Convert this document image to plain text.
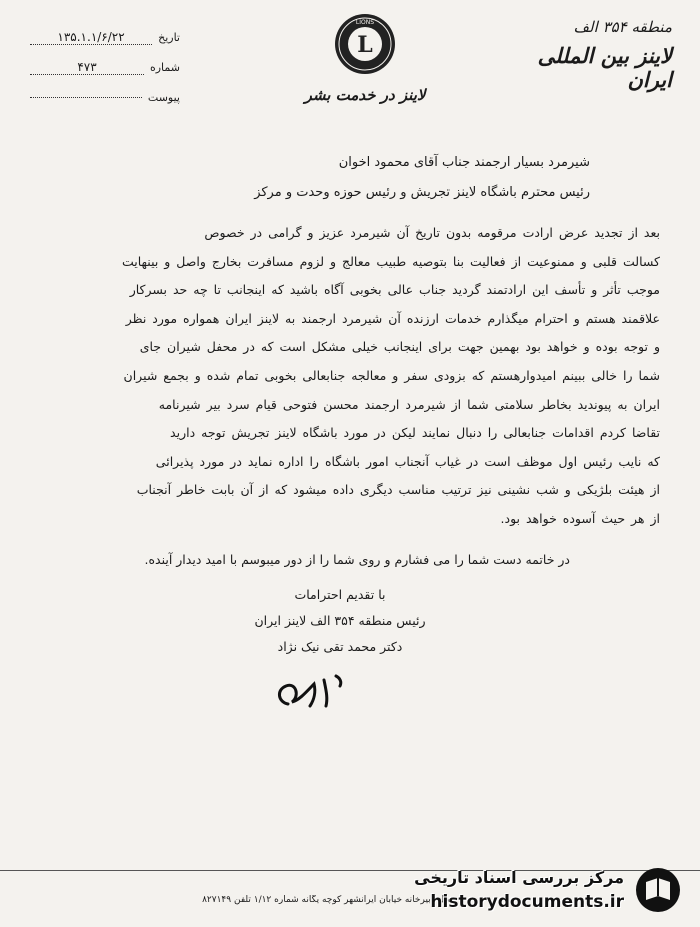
منطقه ۳۵۴ الف
لاینز بین المللی ایران
L
LIONS
لاینز در خدمت بشر
تاریخ
۱۳۵.۱.۱/۶/۲۲
شماره
۴۷۳
پیوست
شیرمرد بسیار ارجمند جناب آقای محمود اخوان
رئیس محترم باشگاه لاینز تجریش و رئیس حوزه وحدت و مرکز
بعد از تجدید عرض ارادت مرقومه بدون تاریخ آن شیرمرد عزیز و گرامی در خصوص
کسالت قلبی و ممنوعیت از فعالیت بنا بتوصیه طبیب معالج و لزوم مسافرت بخارج واصل و بینهایت
موجب تأثر و تأسف این ارادتمند گردید جناب عالی بخوبی آگاه باشید که اینجانب تا چه حد بسرکار
علاقمند هستم و احترام میگذارم خدمات ارزنده آن شیرمرد ارجمند به لاینز ایران همواره مورد نظر
و توجه بوده و خواهد بود بهمین جهت برای اینجانب خیلی مشکل است که در محفل شیران جای
شما را خالی ببینم امیدوارهستم که بزودی سفر و معالجه جنابعالی بخوبی تمام شده و بجمع شیران
ایران به پیوندید بخاطر سلامتی شما از شیرمرد ارجمند محسن فتوحی قیام سرد بیر شیرنامه
تقاضا کردم اقدامات جنابعالی را دنبال نمایند لیکن در مورد باشگاه لاینز تجریش توجه دارید
که نایب رئیس اول موظف است در غیاب آنجناب امور باشگاه را اداره نماید در مورد پذیرائی
از هیئت بلژیکی و شب نشینی نیز ترتیب مناسب دیگری داده میشود که از آن بابت خاطر آنجناب
از هر حیث آسوده خواهد بود.
در خاتمه دست شما را می فشارم و روی شما را از دور میبوسم با امید دیدار آینده.
با تقدیم احترامات
رئیس منطقه ۳۵۴ الف لاینز ایران
دکتر محمد تقی نیک نژاد
محل دبیرخانه خیابان ایرانشهر کوچه یگانه شماره ۱/۱۲ تلفن ۸۲۷۱۴۹
مرکز بررسی اسناد تاریخی
historydocuments.ir
